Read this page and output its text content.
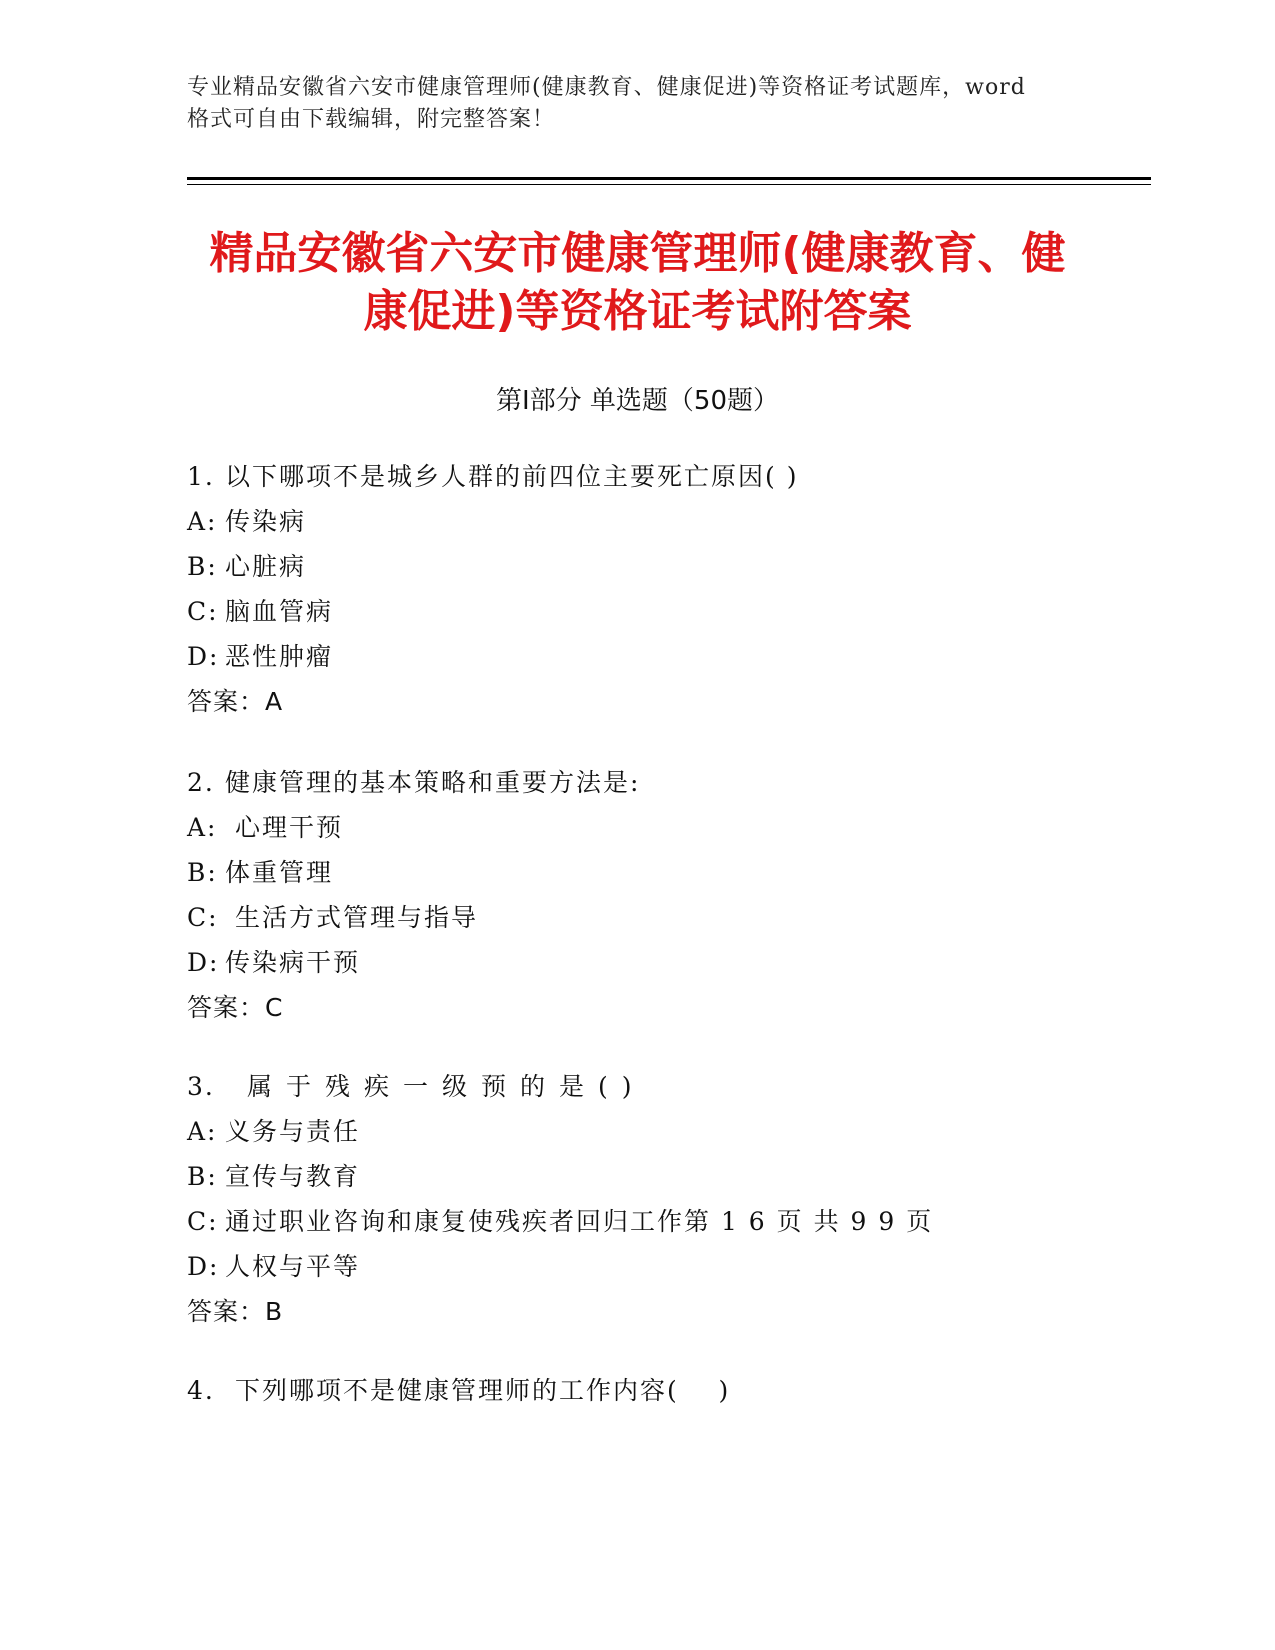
专业精品安徽省六安市健康管理师(健康教育、健康促进)等资格证考试题库，word
格式可自由下载编辑，附完整答案！
精品安徽省六安市健康管理师(健康教育、健
康促进)等资格证考试附答案
第Ⅰ部分 单选题（50题）
1. 以下哪项不是城乡人群的前四位主要死亡原因( )
A: 传染病
B: 心脏病
C: 脑血管病
D: 恶性肿瘤
答案：A
2. 健康管理的基本策略和重要方法是:
A: 心理干预
B: 体重管理
C: 生活方式管理与指导
D: 传染病干预
答案：C
3. 属于残疾一级预的是()
A: 义务与责任
B: 宣传与教育
C: 通过职业咨询和康复使残疾者回归工作第 1 6 页 共 9 9 页
D: 人权与平等
答案：B
4. 下列哪项不是健康管理师的工作内容(    )
